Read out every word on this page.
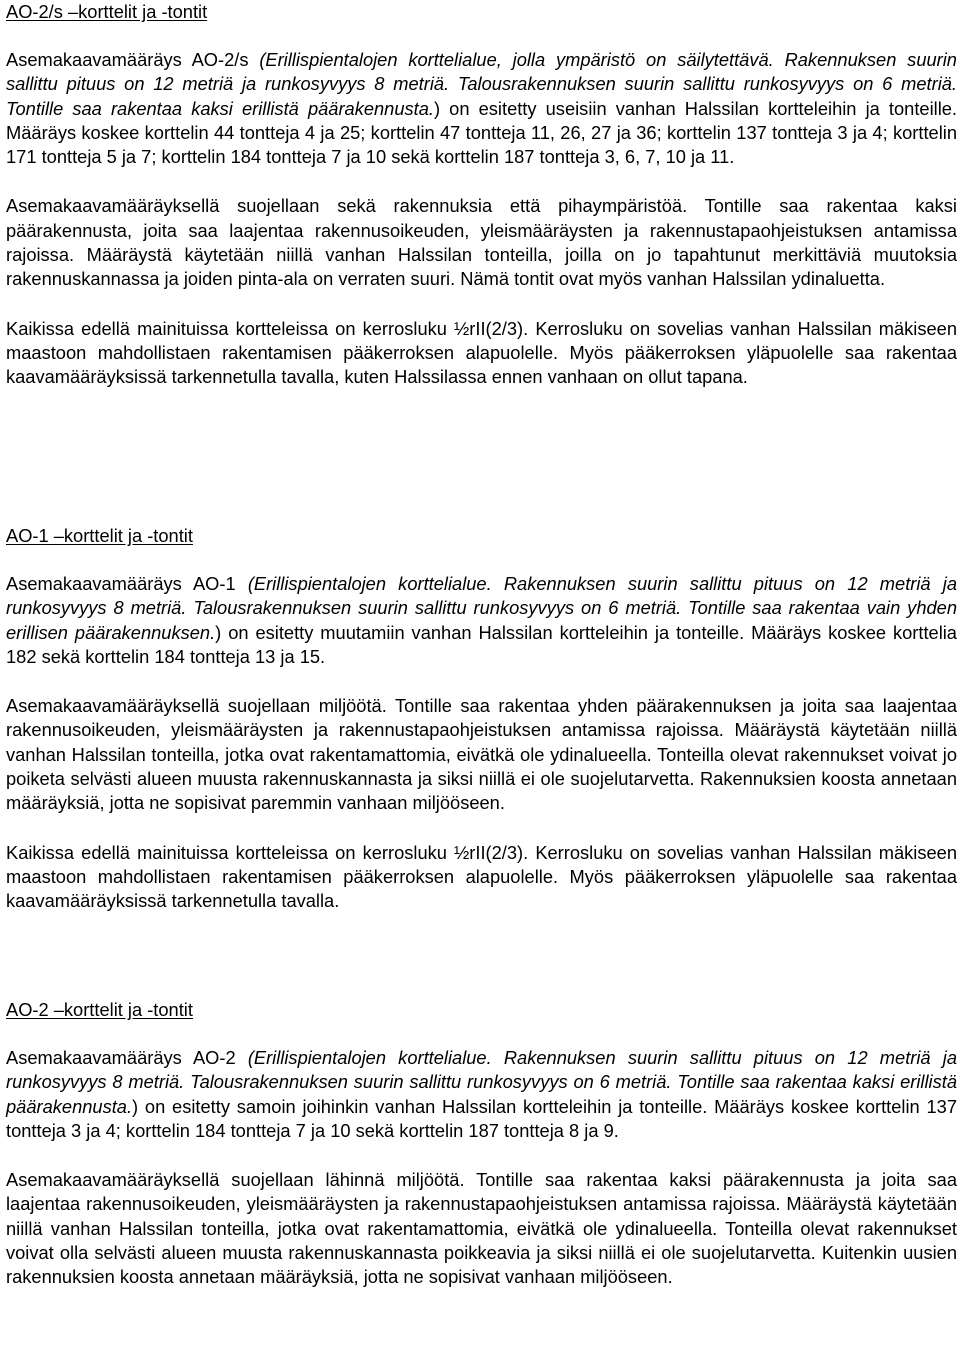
AO-2/s –korttelit ja -tontit

Asemakaavamääräys AO-2/s (Erillispientalojen korttelialue, jolla ympäristö on säilytettävä. Rakennuksen suurin sallittu pituus on 12 metriä ja runkosyvyys 8 metriä. Talousrakennuksen suurin sallittu runkosyvyys on 6 metriä. Tontille saa rakentaa kaksi erillistä päärakennusta.) on esitetty useisiin vanhan Halssilan kortteleihin ja tonteille. Määräys koskee korttelin 44 tontteja 4 ja 25; korttelin 47 tontteja 11, 26, 27 ja 36; korttelin 137 tontteja 3 ja 4; korttelin 171 tontteja 5 ja 7; korttelin 184 tontteja 7 ja 10 sekä korttelin 187 tontteja 3, 6, 7, 10 ja 11.

Asemakaavamääräyksellä suojellaan sekä rakennuksia että pihaympäristöä. Tontille saa rakentaa kaksi päärakennusta, joita saa laajentaa rakennusoikeuden, yleismääräysten ja rakennustapaohjeistuksen antamissa rajoissa. Määräystä käytetään niillä vanhan Halssilan tonteilla, joilla on jo tapahtunut merkittäviä muutoksia rakennuskannassa ja joiden pinta-ala on verraten suuri. Nämä tontit ovat myös vanhan Halssilan ydinaluetta.

Kaikissa edellä mainituissa kortteleissa on kerrosluku ½rII(2/3). Kerrosluku on sovelias vanhan Halssilan mäkiseen maastoon mahdollistaen rakentamisen pääkerroksen alapuolelle. Myös pääkerroksen yläpuolelle saa rakentaa kaavamääräyksissä tarkennetulla tavalla, kuten Halssilassa ennen vanhaan on ollut tapana.

AO-1 –korttelit ja -tontit

Asemakaavamääräys AO-1 (Erillispientalojen korttelialue. Rakennuksen suurin sallittu pituus on 12 metriä ja runkosyvyys 8 metriä. Talousrakennuksen suurin sallittu runkosyvyys on 6 metriä. Tontille saa rakentaa vain yhden erillisen päärakennuksen.) on esitetty muutamiin vanhan Halssilan kortteleihin ja tonteille. Määräys koskee korttelia 182 sekä korttelin 184 tontteja 13 ja 15.

Asemakaavamääräyksellä suojellaan miljöötä. Tontille saa rakentaa yhden päärakennuksen ja joita saa laajentaa rakennusoikeuden, yleismääräysten ja rakennustapaohjeistuksen antamissa rajoissa. Määräystä käytetään niillä vanhan Halssilan tonteilla, jotka ovat rakentamattomia, eivätkä ole ydinalueella. Tonteilla olevat rakennukset voivat jo poiketa selvästi alueen muusta rakennuskannasta ja siksi niillä ei ole suojelutarvetta. Rakennuksien koosta annetaan määräyksiä, jotta ne sopisivat paremmin vanhaan miljööseen.

Kaikissa edellä mainituissa kortteleissa on kerrosluku ½rII(2/3). Kerrosluku on sovelias vanhan Halssilan mäkiseen maastoon mahdollistaen rakentamisen pääkerroksen alapuolelle. Myös pääkerroksen yläpuolelle saa rakentaa kaavamääräyksissä tarkennetulla tavalla.

AO-2 –korttelit ja -tontit

Asemakaavamääräys AO-2 (Erillispientalojen korttelialue. Rakennuksen suurin sallittu pituus on 12 metriä ja runkosyvyys 8 metriä. Talousrakennuksen suurin sallittu runkosyvyys on 6 metriä. Tontille saa rakentaa kaksi erillistä päärakennusta.) on esitetty samoin joihinkin vanhan Halssilan kortteleihin ja tonteille. Määräys koskee korttelin 137 tontteja 3 ja 4; korttelin 184 tontteja 7 ja 10 sekä korttelin 187 tontteja 8 ja 9.

Asemakaavamääräyksellä suojellaan lähinnä miljöötä. Tontille saa rakentaa kaksi päärakennusta ja joita saa laajentaa rakennusoikeuden, yleismääräysten ja rakennustapaohjeistuksen antamissa rajoissa. Määräystä käytetään niillä vanhan Halssilan tonteilla, jotka ovat rakentamattomia, eivätkä ole ydinalueella. Tonteilla olevat rakennukset voivat olla selvästi alueen muusta rakennuskannasta poikkeavia ja siksi niillä ei ole suojelutarvetta. Kuitenkin uusien rakennuksien koosta annetaan määräyksiä, jotta ne sopisivat vanhaan miljööseen.
